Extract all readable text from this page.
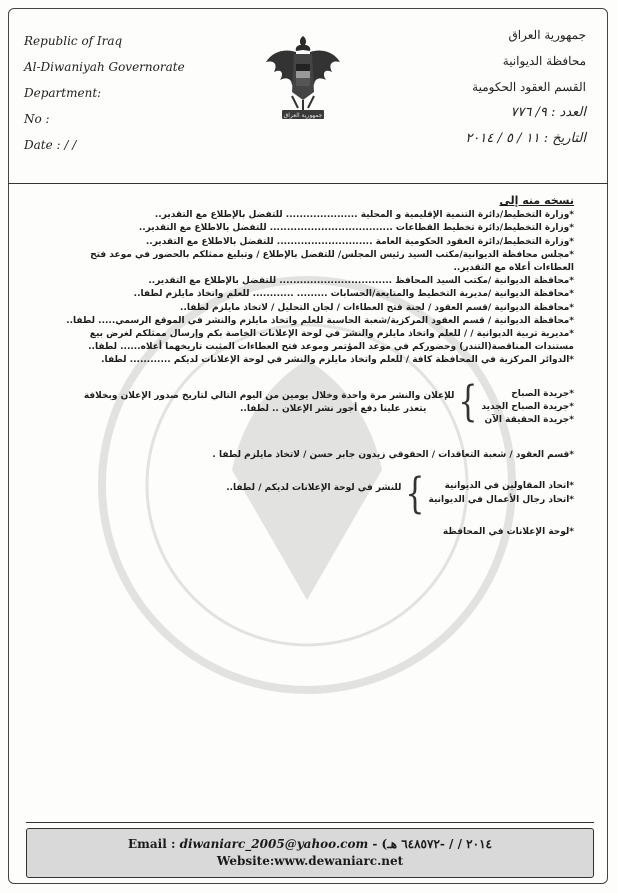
Republic of Iraq
Al-Diwaniyah Governorate
Department:
No :
Date : / /
جمهورية العراق
جمهورية العراق
محافظة الديوانية
القسم العقود الحكومية
العدد : ٩/ ٧٧٦
التاريخ : ١١ / ٥ / ٢٠١٤

نسخه منه إلى

*وزارة التخطيط/دائرة التنمية الإقليمية و المحلية ..................... للتفضل بالإطلاع مع التقدير..

*وزارة التخطيط/دائرة تخطيط القطاعات .................................... للتفضل بالاطلاع مع التقدير..

*وزارة التخطيط/دائرة العقود الحكومية العامة ............................ للتفضل بالاطلاع مع التقدير..

*مجلس محافظة الديوانية/مكتب السيد رئيس المجلس/ للتفضل بالإطلاع / وتبليغ ممثلكم بالحضور في موعد فتح

العطاءات أعلاه مع التقدير..

*محافظة الديوانية /مكتب السيد المحافظ ................................. للتفضل بالإطلاع مع التقدير..

*محافظة الديوانية /مديرية التخطيط والمتابعة/الحسابات ......... ............ للعلم واتخاذ مايلزم لطفا..

*محافظة الديوانية /قسم العقود / لجنة فتح العطاءات / لجان التحليل / لاتخاذ مايلزم لطفا..

*محافظة الديوانية / قسم العقود المركزية/شعبة الحاسبة للعلم واتخاذ مايلزم والنشر في الموقع الرسمي..... لطفا..

*مديرية تربية الديوانية / / للعلم واتخاذ مايلزم والنشر في لوحة الإعلانات الخاصة بكم وإرسال ممثلكم لغرض بيع

مستندات المناقصة(التندر) وحضوركم في موعد المؤتمر وموعد فتح العطاءات المثبت تاريخهما أعلاه...... لطفا..

*الدوائر المركزية في المحافظة كافة / للعلم واتخاذ مايلزم والنشر في لوحة الإعلانات لديكم ............ لطفا.

*جريدة الصباح

*جريدة الصباح الجديد

*جريدة الحقيقة الآن

}

للإعلان والنشر مرة واحدة وخلال يومين من اليوم التالي لتاريخ صدور الإعلان وبخلافة

يتعذر علينا دفع أجور نشر الإعلان .. لطفا..

*قسم العقود / شعبة التعاقدات / الحقوقي زيدون جابر حسن / لاتخاذ مايلزم لطفا .

*اتحاد المقاولين في الديوانية

*اتحاد رجال الأعمال في الديوانية

}

للنشر في لوحة الإعلانات لديكم / لطفا..

*لوحة الإعلانات في المحافظة

Email : diwaniarc_2005@yahoo.com - (٢٠١٤ / / -٦٤٨٥٧٢ هـ
Website:www.dewaniarc.net
